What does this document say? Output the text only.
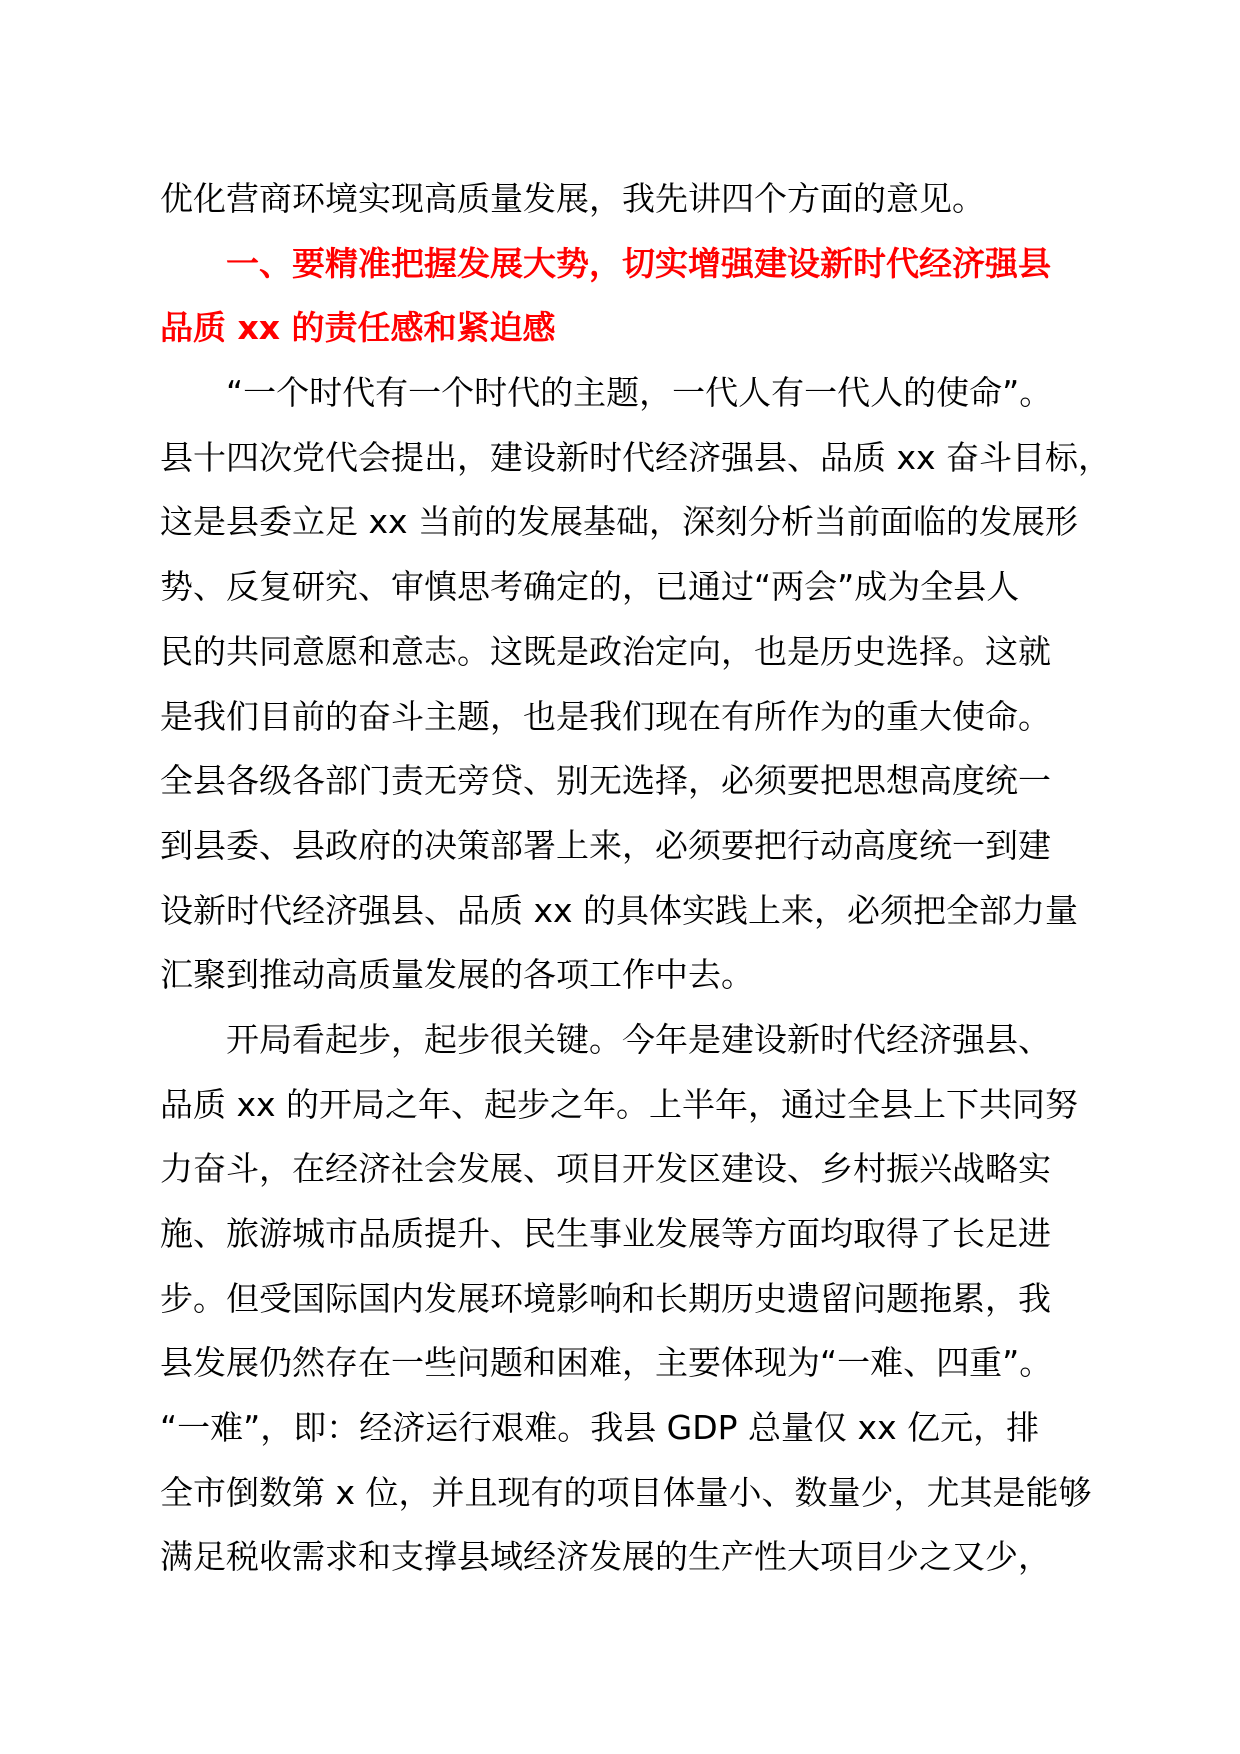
优化营商环境实现高质量发展，我先讲四个方面的意见。
一、要精准把握发展大势，切实增强建设新时代经济强县
品质 xx 的责任感和紧迫感
“一个时代有一个时代的主题，一代人有一代人的使命”。
县十四次党代会提出，建设新时代经济强县、品质 xx 奋斗目标，
这是县委立足 xx 当前的发展基础，深刻分析当前面临的发展形
势、反复研究、审慎思考确定的，已通过“两会”成为全县人
民的共同意愿和意志。这既是政治定向，也是历史选择。这就
是我们目前的奋斗主题，也是我们现在有所作为的重大使命。
全县各级各部门责无旁贷、别无选择，必须要把思想高度统一
到县委、县政府的决策部署上来，必须要把行动高度统一到建
设新时代经济强县、品质 xx 的具体实践上来，必须把全部力量
汇聚到推动高质量发展的各项工作中去。
开局看起步，起步很关键。今年是建设新时代经济强县、
品质 xx 的开局之年、起步之年。上半年，通过全县上下共同努
力奋斗，在经济社会发展、项目开发区建设、乡村振兴战略实
施、旅游城市品质提升、民生事业发展等方面均取得了长足进
步。但受国际国内发展环境影响和长期历史遗留问题拖累，我
县发展仍然存在一些问题和困难，主要体现为“一难、四重”。
“一难”，即：经济运行艰难。我县 GDP 总量仅 xx 亿元，排
全市倒数第 x 位，并且现有的项目体量小、数量少，尤其是能够
满足税收需求和支撑县域经济发展的生产性大项目少之又少，
